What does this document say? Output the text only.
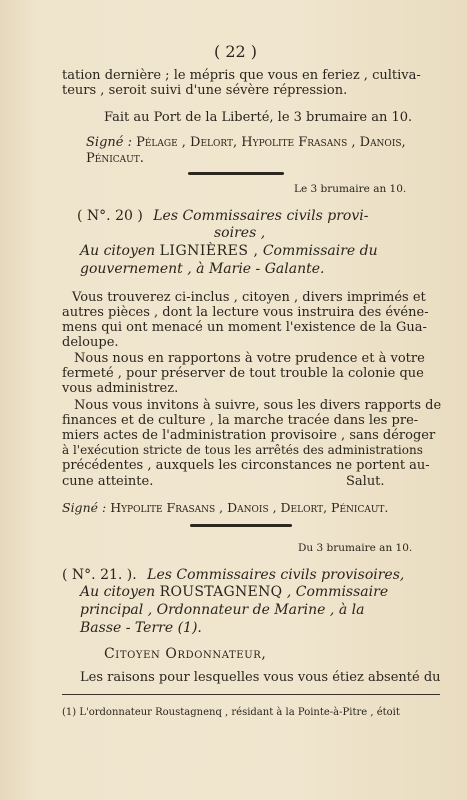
( 22 )
tation dernière ; le mépris que vous en feriez , cultiva-
teurs , seroit suivi d'une sévère répression.
Fait au Port de la Liberté, le 3 brumaire an 10.
Signé : Pélage , Delort, Hypolite Frasans , Danois,
Pénicaut.
Le 3 brumaire an 10.
( N°. 20 ) Les Commissaires civils provi-
soires ,
Au citoyen LIGNIÈRES , Commissaire du
gouvernement , à Marie - Galante.
Vous trouverez ci-inclus , citoyen , divers imprimés et
autres pièces , dont la lecture vous instruira des événe-
mens qui ont menacé un moment l'existence de la Gua-
deloupe.
Nous nous en rapportons à votre prudence et à votre
fermeté , pour préserver de tout trouble la colonie que
vous administrez.
Nous vous invitons à suivre, sous les divers rapports de
finances et de culture , la marche tracée dans les pre-
miers actes de l'administration provisoire , sans déroger
à l'exécution stricte de tous les arrêtés des administrations
précédentes , auxquels les circonstances ne portent au-
cune atteinte.	Salut.
Signé : Hypolite Frasans , Danois , Delort, Pénicaut.
Du 3 brumaire an 10.
( N°. 21. ). Les Commissaires civils provisoires,
Au citoyen ROUSTAGNENQ , Commissaire
principal , Ordonnateur de Marine , à la
Basse - Terre (1).
Citoyen Ordonnateur,
Les raisons pour lesquelles vous vous étiez absenté du
(1) L'ordonnateur Roustagnenq , résidant à la Pointe-à-Pitre , étoit
